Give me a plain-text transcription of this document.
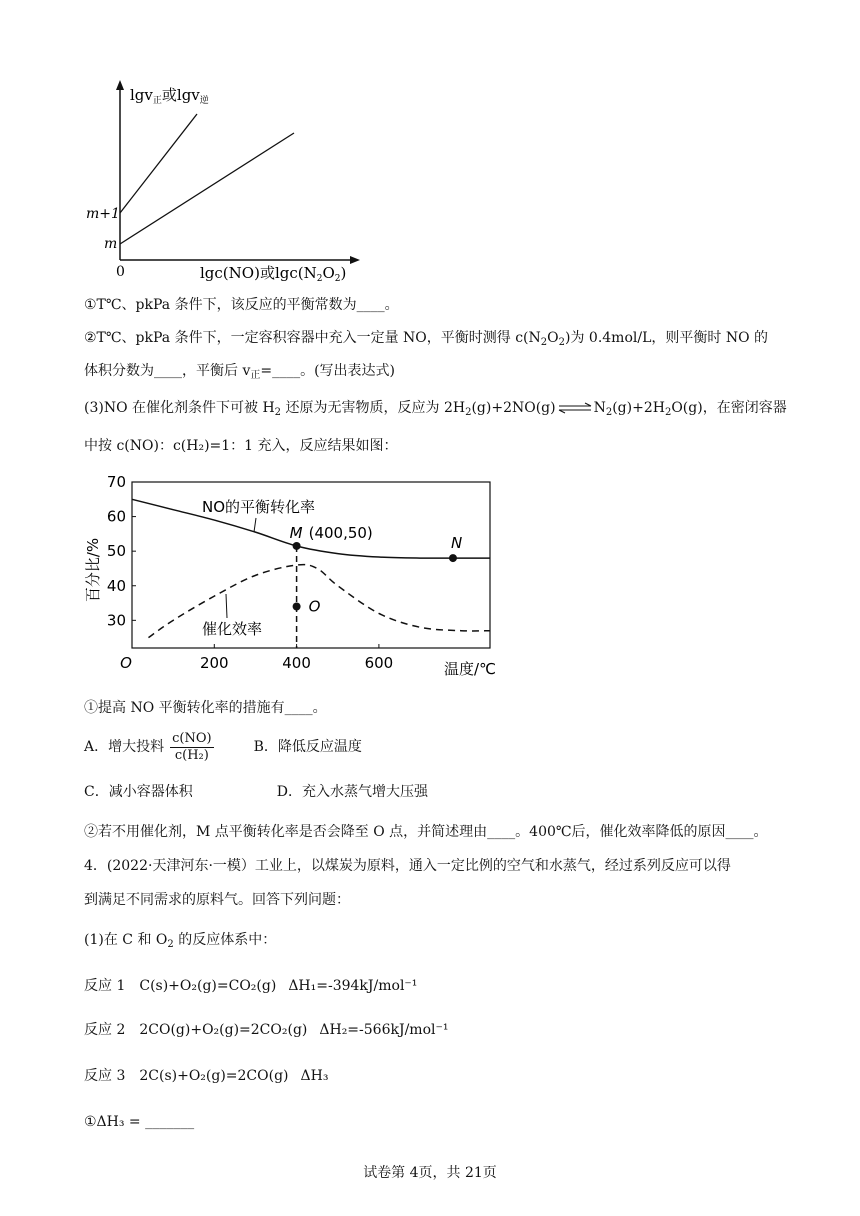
lgv$_正$或lgv$_逆$
m+1
m
0	lgc(NO)或$\lg c(N_2O_2)$
①T℃、pkPa 条件下，该反应的平衡常数为____。
②T℃、pkPa 条件下，一定容积容器中充入一定量 NO，平衡时测得 $c(N_2O_2)$为 0.4mol/L，则平衡时 NO 的
体积分数为____，平衡后 $v_正=\_\_\_\_$。(写出表达式)
(3)NO 在催化剂条件下可被 $H_2$ 还原为无害物质，反应为 $2H_2(g)+2NO(g)$ ⇌ $N_2(g)+2H_2O(g)$，在密闭容器
中按 c(NO)：c(H₂)=1：1 充入，反应结果如图：
30
40
50
60
70
O	200	400	600
M (400,50)
N
O
百分比/%
温度/℃
NO的平衡转化率
催化效率
①提高 NO 平衡转化率的措施有____。
A．增大投料 $\frac{c(NO)}{\text{c(H₂)}}$	B．降低反应温度
C．减小容器体积	D．充入水蒸气增大压强
②若不用催化剂，M 点平衡转化率是否会降至 O 点，并简述理由____。400℃后，催化效率降低的原因____。
4．(2022·天津河东·一模）工业上，以煤炭为原料，通入一定比例的空气和水蒸气，经过系列反应可以得
到满足不同需求的原料气。回答下列问题：
(1)在 C 和 $O_2$ 的反应体系中：
反应 1 C(s)+O₂(g)=CO₂(g) ΔH₁=-394kJ/mol⁻¹
反应 2 2CO(g)+O₂(g)=2CO₂(g) ΔH₂=-566kJ/mol⁻¹
反应 3 2C(s)+O₂(g)=2CO(g) ΔH₃
①ΔH₃ = _______
试卷第 4页，共 21页
